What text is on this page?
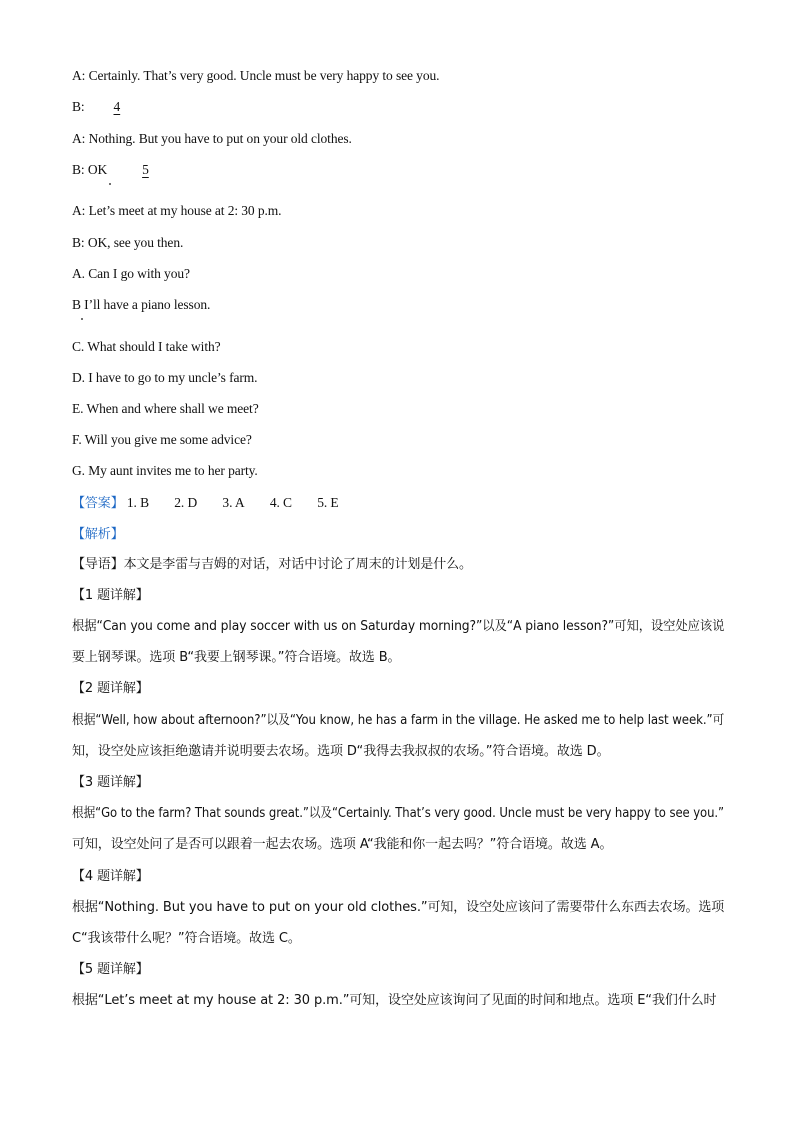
A: Certainly. That’s very good. Uncle must be very happy to see you.
B: 4
A: Nothing. But you have to put on your old clothes.
B: OK	5
A: Let’s meet at my house at 2: 30 p.m.
B: OK, see you then.
A. Can I go with you?
B I’ll have a piano lesson.
C. What should I take with?
D. I have to go to my uncle’s farm.
E. When and where shall we meet?
F. Will you give me some advice?
G. My aunt invites me to her party.
【答案】 1. B 2. D 3. A 4. C 5. E
【解析】
【导语】本文是李雷与吉姆的对话，对话中讨论了周末的计划是什么。
【1 题详解】
根据“Can you come and play soccer with us on Saturday morning?”以及“A piano lesson?”可知，设空处应该说
要上钢琴课。选项 B“我要上钢琴课。”符合语境。故选 B。
【2 题详解】
根据“Well, how about afternoon?”以及“You know, he has a farm in the village. He asked me to help last week.”可
知，设空处应该拒绝邀请并说明要去农场。选项 D“我得去我叔叔的农场。”符合语境。故选 D。
【3 题详解】
根据“Go to the farm? That sounds great.”以及“Certainly. That’s very good. Uncle must be very happy to see you.”
可知，设空处问了是否可以跟着一起去农场。选项 A“我能和你一起去吗？”符合语境。故选 A。
【4 题详解】
根据“Nothing. But you have to put on your old clothes.”可知，设空处应该问了需要带什么东西去农场。选项
C“我该带什么呢？”符合语境。故选 C。
【5 题详解】
根据“Let’s meet at my house at 2: 30 p.m.”可知，设空处应该询问了见面的时间和地点。选项 E“我们什么时
